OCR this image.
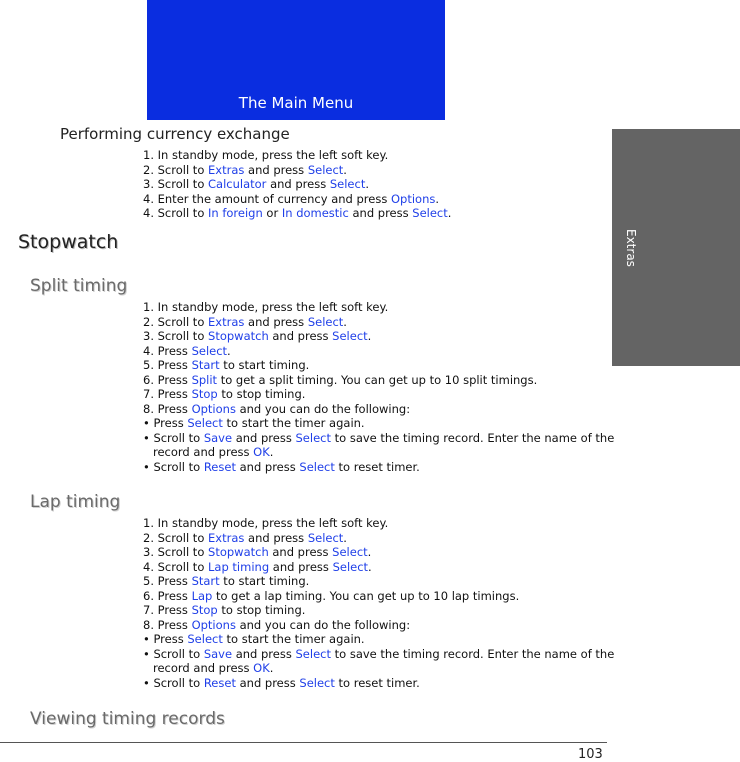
The Main Menu
Extras
Performing currency exchange
1. In standby mode, press the left soft key.
2. Scroll to Extras and press Select.
3. Scroll to Calculator and press Select.
4. Enter the amount of currency and press Options.
4. Scroll to In foreign or In domestic and press Select.
Stopwatch
Split timing
1. In standby mode, press the left soft key.
2. Scroll to Extras and press Select.
3. Scroll to Stopwatch and press Select.
4. Press Select.
5. Press Start to start timing.
6. Press Split to get a split timing. You can get up to 10 split timings.
7. Press Stop to stop timing.
8. Press Options and you can do the following:
• Press Select to start the timer again.
• Scroll to Save and press Select to save the timing record. Enter the name of the record and press OK.
• Scroll to Reset and press Select to reset timer.
Lap timing
1. In standby mode, press the left soft key.
2. Scroll to Extras and press Select.
3. Scroll to Stopwatch and press Select.
4. Scroll to Lap timing and press Select.
5. Press Start to start timing.
6. Press Lap to get a lap timing. You can get up to 10 lap timings.
7. Press Stop to stop timing.
8. Press Options and you can do the following:
• Press Select to start the timer again.
• Scroll to Save and press Select to save the timing record. Enter the name of the record and press OK.
• Scroll to Reset and press Select to reset timer.
Viewing timing records
103
